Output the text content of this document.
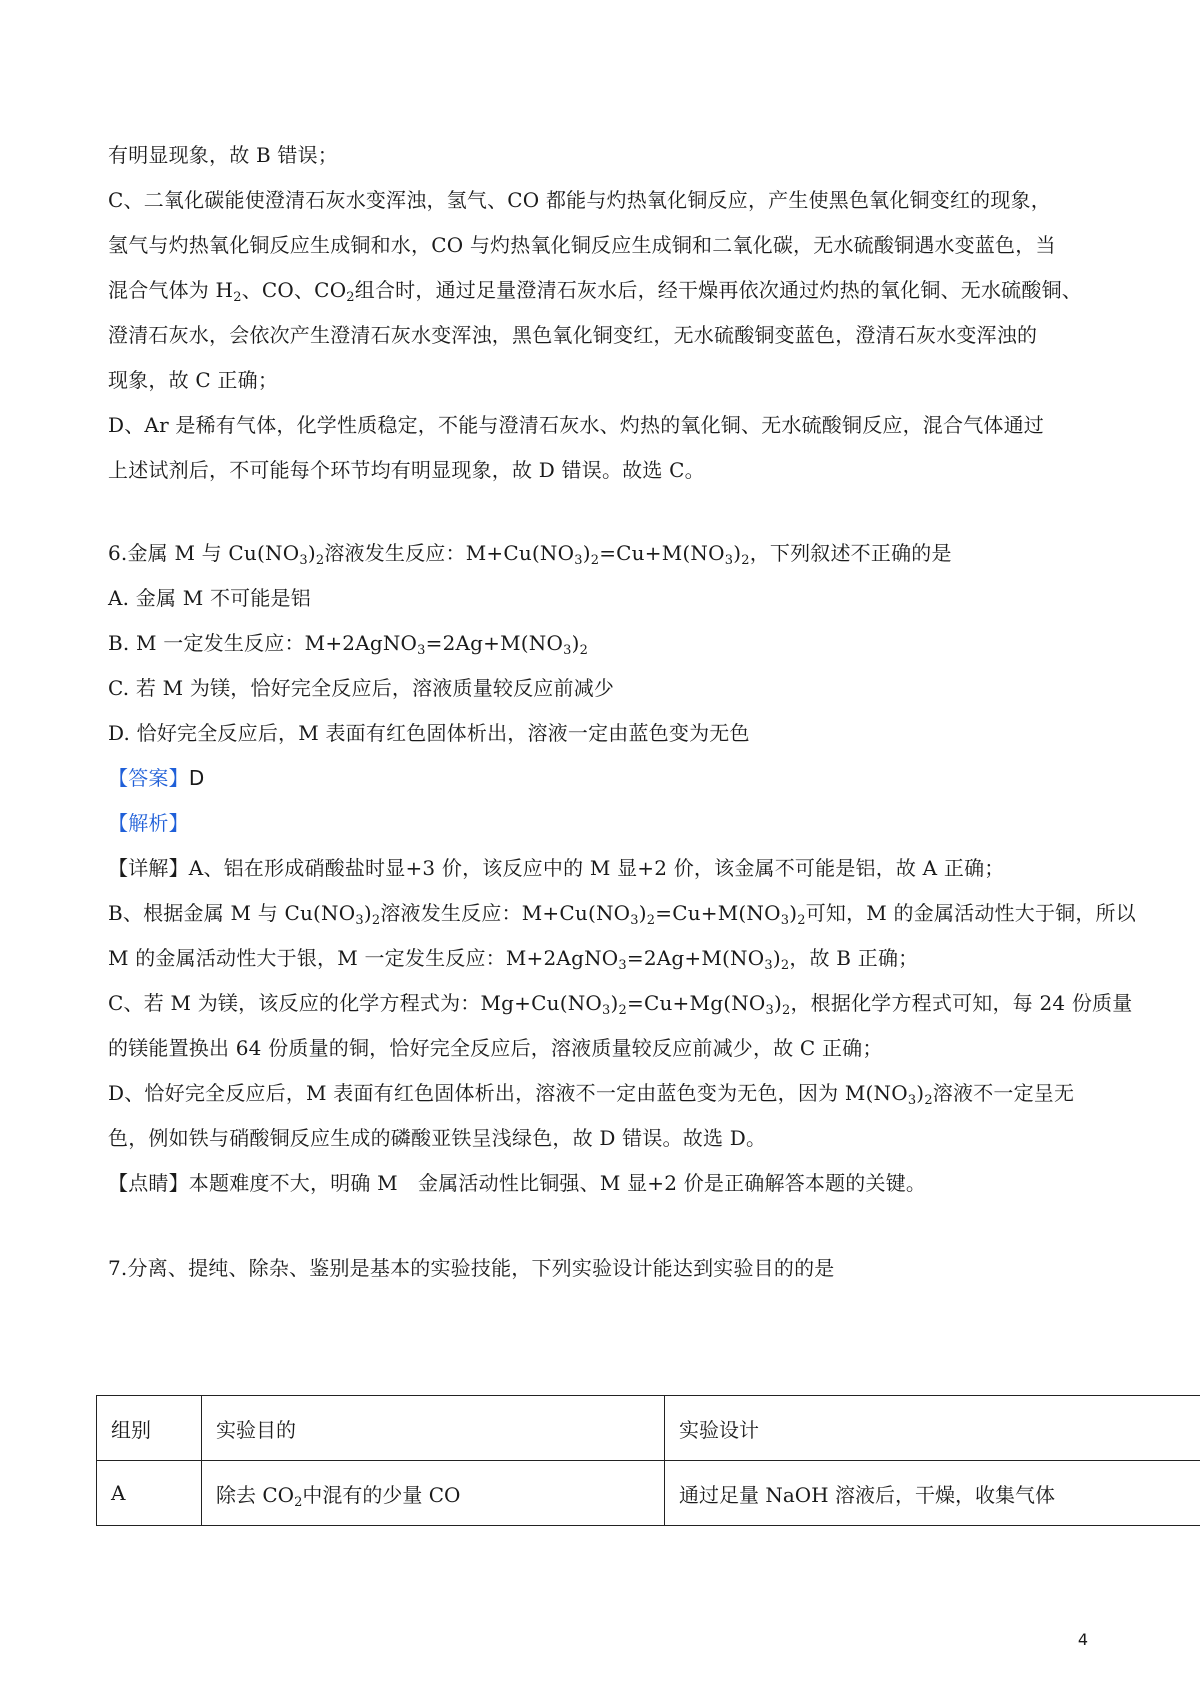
有明显现象，故 B 错误；
C、二氧化碳能使澄清石灰水变浑浊，氢气、CO 都能与灼热氧化铜反应，产生使黑色氧化铜变红的现象，
氢气与灼热氧化铜反应生成铜和水，CO 与灼热氧化铜反应生成铜和二氧化碳，无水硫酸铜遇水变蓝色，当
混合气体为 $H_2$、CO、$CO_2$组合时，通过足量澄清石灰水后，经干燥再依次通过灼热的氧化铜、无水硫酸铜、
澄清石灰水，会依次产生澄清石灰水变浑浊，黑色氧化铜变红，无水硫酸铜变蓝色，澄清石灰水变浑浊的
现象，故 C 正确；
D、Ar 是稀有气体，化学性质稳定，不能与澄清石灰水、灼热的氧化铜、无水硫酸铜反应，混合气体通过
上述试剂后，不可能每个环节均有明显现象，故 D 错误。故选 C。
6.金属 M 与 $Cu(NO_3)_2$溶液发生反应：$M+Cu(NO_3)_2=Cu+M(NO_3)_2$，下列叙述不正确的是
A. 金属 M 不可能是铝
B. M 一定发生反应：$M+2AgNO_3=2Ag+M(NO_3)_2$
C. 若 M 为镁，恰好完全反应后，溶液质量较反应前减少
D. 恰好完全反应后，M 表面有红色固体析出，溶液一定由蓝色变为无色
【答案】D
【解析】
【详解】A、铝在形成硝酸盐时显+3 价，该反应中的 M 显+2 价，该金属不可能是铝，故 A 正确；
B、根据金属 M 与 $Cu(NO_3)_2$溶液发生反应：$M+Cu(NO_3)_2=Cu+M(NO_3)_2$可知，M 的金属活动性大于铜，所以
M 的金属活动性大于银，M 一定发生反应：$M+2AgNO_3=2Ag+M(NO_3)_2$，故 B 正确；
C、若 M 为镁，该反应的化学方程式为：$Mg+Cu(NO_3)_2=Cu+Mg(NO_3)_2$，根据化学方程式可知，每 24 份质量
的镁能置换出 64 份质量的铜，恰好完全反应后，溶液质量较反应前减少，故 C 正确；
D、恰好完全反应后，M 表面有红色固体析出，溶液不一定由蓝色变为无色，因为 $M(NO_3)_2$溶液不一定呈无
色，例如铁与硝酸铜反应生成的磷酸亚铁呈浅绿色，故 D 错误。故选 D。
【点睛】本题难度不大，明确 M　金属活动性比铜强、M 显+2 价是正确解答本题的关键。
7.分离、提纯、除杂、鉴别是基本的实验技能，下列实验设计能达到实验目的的是
组别	实验目的	实验设计
A	除去 $CO_2$中混有的少量 CO	通过足量 NaOH 溶液后，干燥，收集气体
4
